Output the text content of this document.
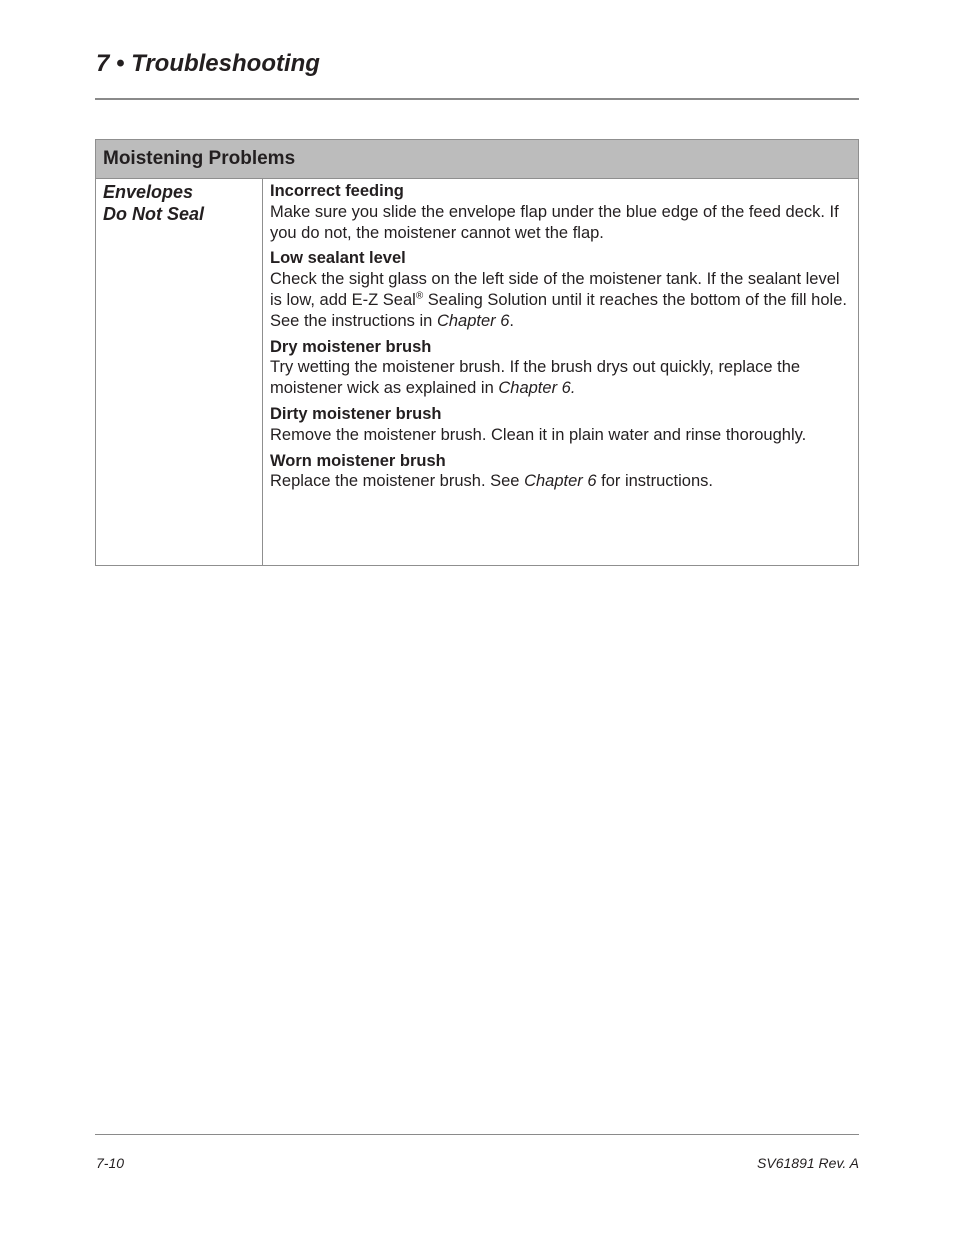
7 • Troubleshooting
Moistening Problems
Envelopes
Do Not Seal
Incorrect feeding
Make sure you slide the envelope flap under the blue edge of the feed deck. If you do not, the moistener cannot wet the flap.
Low sealant level
Check the sight glass on the left side of the moistener tank. If the sealant level is low, add E-Z Seal® Sealing Solution until it reaches the bottom of the fill hole. See the instructions in Chapter 6.
Dry moistener brush
Try wetting the moistener brush. If the brush drys out quickly, replace the moistener wick as explained in Chapter 6.
Dirty moistener brush
Remove the moistener brush. Clean it in plain water and rinse thoroughly.
Worn moistener brush
Replace the moistener brush. See Chapter 6 for instructions.
7-10	SV61891 Rev. A
